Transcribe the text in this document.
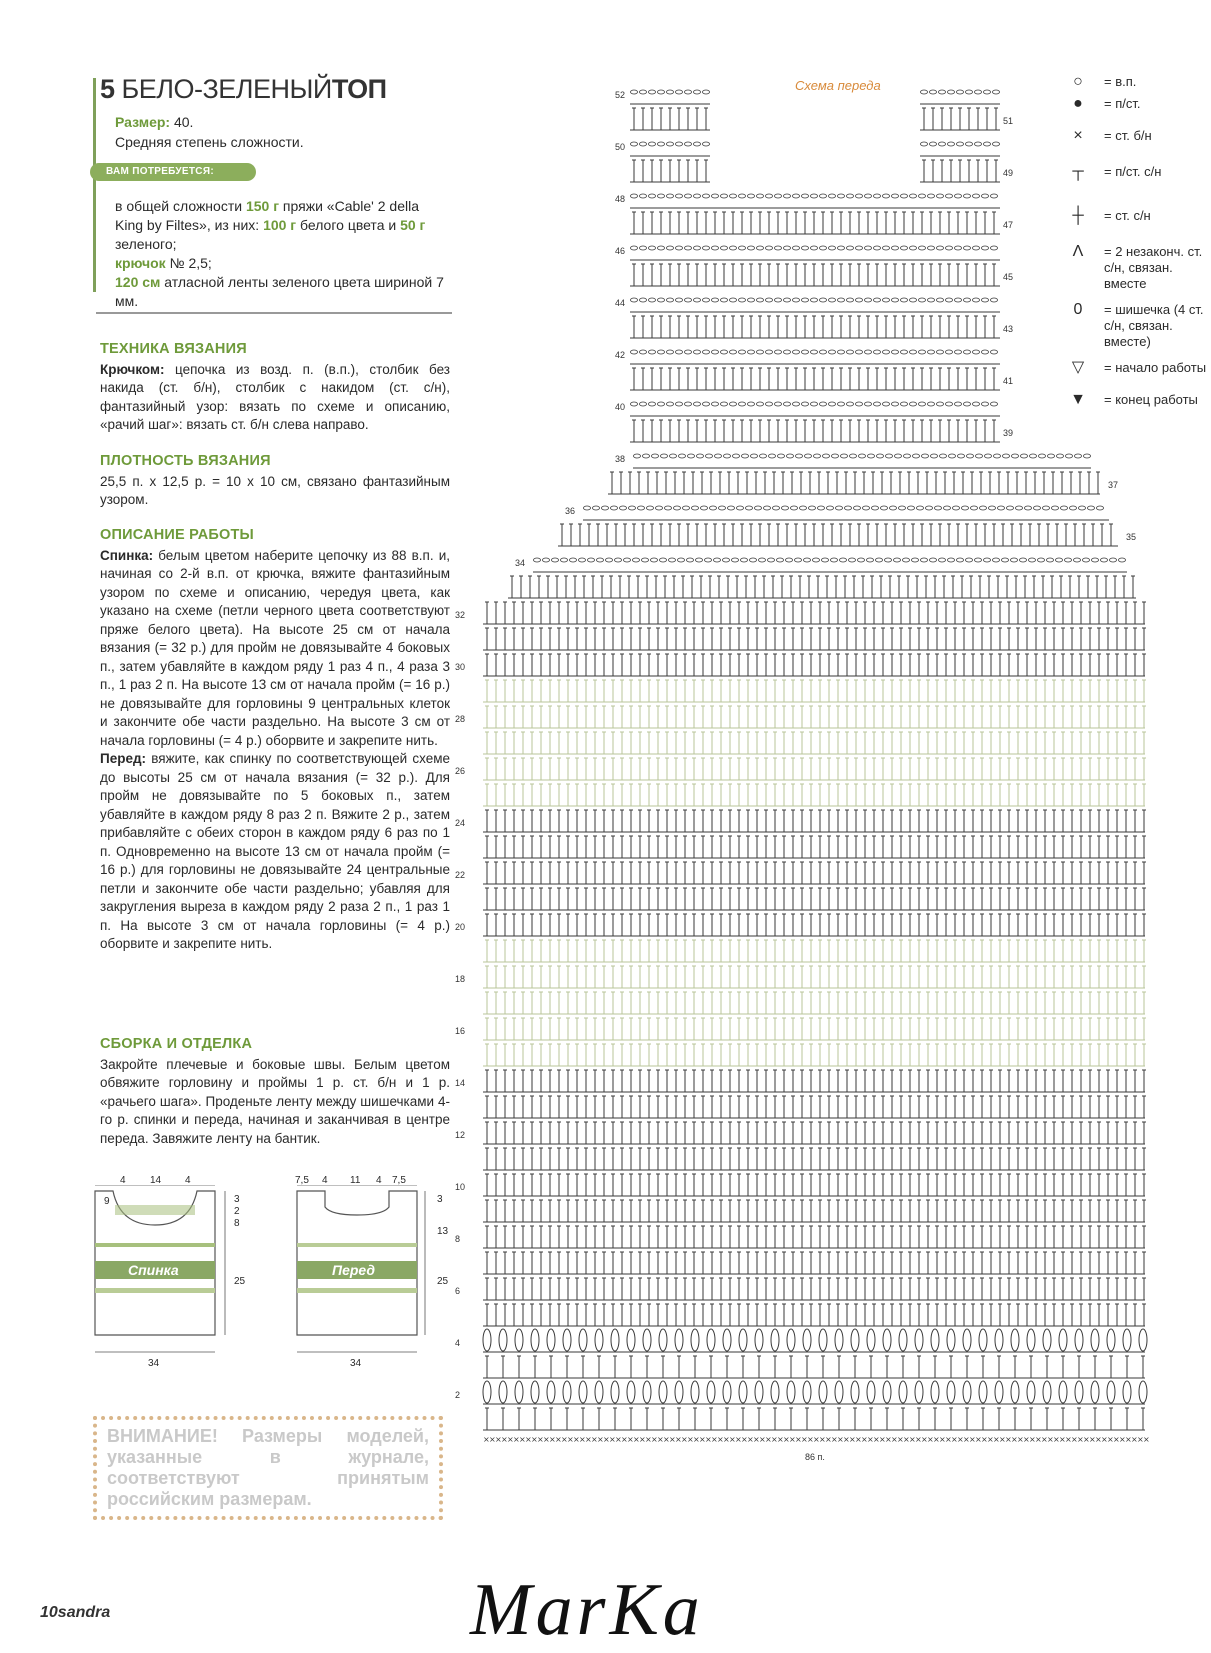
5 БЕЛО-ЗЕЛЕНЫЙТОП
Размер: 40.
Средняя степень сложности.
ВАМ ПОТРЕБУЕТСЯ:
в общей сложности 150 г пряжи «Cable' 2 della King by Filtes», из них: 100 г белого цвета и 50 г зеленого;
крючок № 2,5;
120 см атласной ленты зеленого цвета шириной 7 мм.
ТЕХНИКА ВЯЗАНИЯ
Крючком: цепочка из возд. п. (в.п.), столбик без накида (ст. б/н), столбик с накидом (ст. с/н), фантазийный узор: вязать по схеме и описанию, «рачий шаг»: вязать ст. б/н слева направо.
ПЛОТНОСТЬ ВЯЗАНИЯ
25,5 п. х 12,5 р. = 10 х 10 см, связано фантазийным узором.
ОПИСАНИЕ РАБОТЫ
Спинка: белым цветом наберите цепочку из 88 в.п. и, начиная со 2-й в.п. от крючка, вяжите фантазийным узором по схеме и описанию, чередуя цвета, как указано на схеме (петли черного цвета соответствуют пряже белого цвета). На высоте 25 см от начала вязания (= 32 р.) для пройм не довязывайте 4 боковых п., затем убавляйте в каждом ряду 1 раз 4 п., 4 раза 3 п., 1 раз 2 п. На высоте 13 см от начала пройм (= 16 р.) не довязывайте для горловины 9 центральных клеток и закончите обе части раздельно. На высоте 3 см от начала горловины (= 4 р.) оборвите и закрепите нить.
Перед: вяжите, как спинку по соответствующей схеме до высоты 25 см от начала вязания (= 32 р.). Для пройм не довязывайте по 5 боковых п., затем убавляйте в каждом ряду 8 раз 2 п. Вяжите 2 р., затем прибавляйте с обеих сторон в каждом ряду 6 раз по 1 п. Одновременно на высоте 13 см от начала пройм (= 16 р.) для горловины не довязывайте 24 центральные петли и закончите обе части раздельно; убавляя для закругления выреза в каждом ряду 2 раза 2 п., 1 раз 1 п. На высоте 3 см от начала горловины (= 4 р.) оборвите и закрепите нить.
СБОРКА И ОТДЕЛКА
Закройте плечевые и боковые швы. Белым цветом обвяжите горловину и проймы 1 р. ст. б/н и 1 р. «рачьего шага». Проденьте ленту между шишечками 4-го р. спинки и переда, начиная и заканчивая в центре переда. Завяжите ленту на бантик.
4 14 4
9	3
2
8
25
34
Спинка
7,5 4 11 4 7,5
3
13
25
34
Перед
ВНИМАНИЕ! Размеры моделей, указанные в журнале, соответствуют принятым российским размерам.
10sandra	MarKa
Схема переда
× × × × × × × × × × × × × × × × × × × × × × × × × × × × × × × × × × × × × × × × × × × × × × × × × × × × × × × × × × × × × × × × × × × × × × × × × × × × × × × × × × × × × × × × × × × × × × × × × × × × × × × × × × × × × × ×
52
50
48
46
44
42
40
38
36
34
32
30
28
26
24
22
20
18
16
14
12
10
8
6
4
2
51
49
47
45
43
41
39
37
35
86 п.
○	= в.п.
●	= п/ст.
×	= ст. б/н
┬	= п/ст. с/н
┼	= ст. с/н
Λ	= 2 незаконч. ст. с/н, связан. вместе
0	= шишечка (4 ст. с/н, связан. вместе)
▽ = начало работы
▼ = конец работы
